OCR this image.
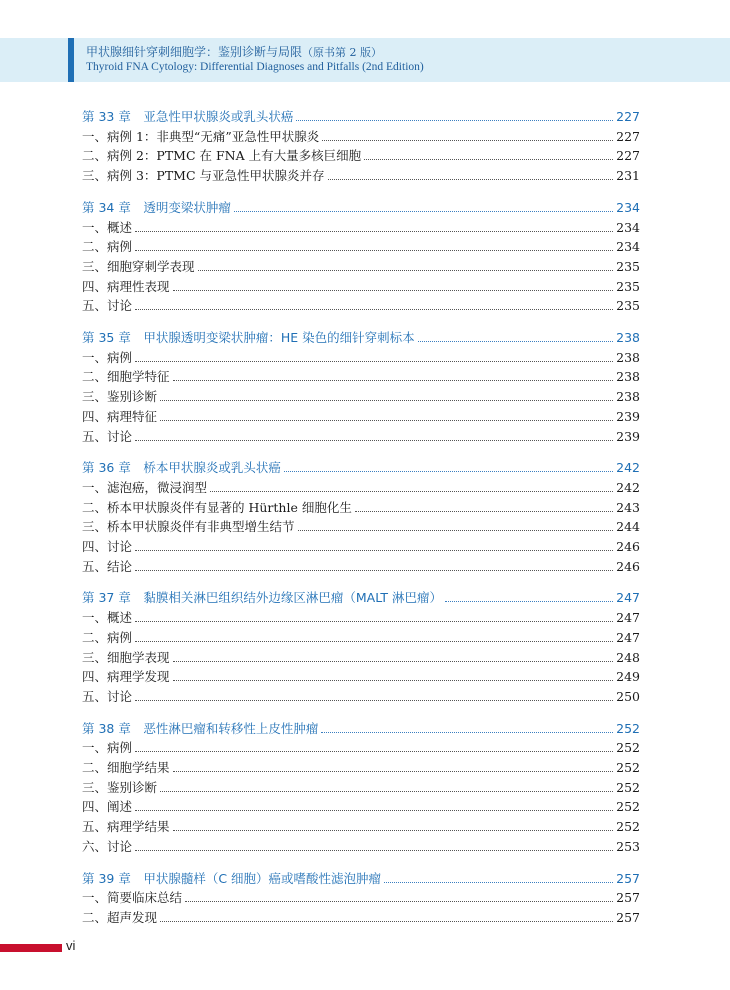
甲状腺细针穿刺细胞学：鉴别诊断与局限（原书第 2 版）
Thyroid FNA Cytology: Differential Diagnoses and Pitfalls (2nd Edition)
第 33 章　亚急性甲状腺炎或乳头状癌	227
一、病例 1：非典型“无痛”亚急性甲状腺炎	227
二、病例 2：PTMC 在 FNA 上有大量多核巨细胞	227
三、病例 3：PTMC 与亚急性甲状腺炎并存	231
第 34 章　透明变梁状肿瘤	234
一、概述	234
二、病例	234
三、细胞穿刺学表现	235
四、病理性表现	235
五、讨论	235
第 35 章　甲状腺透明变梁状肿瘤：HE 染色的细针穿刺标本	238
一、病例	238
二、细胞学特征	238
三、鉴别诊断	238
四、病理特征	239
五、讨论	239
第 36 章　桥本甲状腺炎或乳头状癌	242
一、滤泡癌，微浸润型	242
二、桥本甲状腺炎伴有显著的 Hürthle 细胞化生	243
三、桥本甲状腺炎伴有非典型增生结节	244
四、讨论	246
五、结论	246
第 37 章　黏膜相关淋巴组织结外边缘区淋巴瘤（MALT 淋巴瘤）	247
一、概述	247
二、病例	247
三、细胞学表现	248
四、病理学发现	249
五、讨论	250
第 38 章　恶性淋巴瘤和转移性上皮性肿瘤	252
一、病例	252
二、细胞学结果	252
三、鉴别诊断	252
四、阐述	252
五、病理学结果	252
六、讨论	253
第 39 章　甲状腺髓样（C 细胞）癌或嗜酸性滤泡肿瘤	257
一、简要临床总结	257
二、超声发现	257
vi
